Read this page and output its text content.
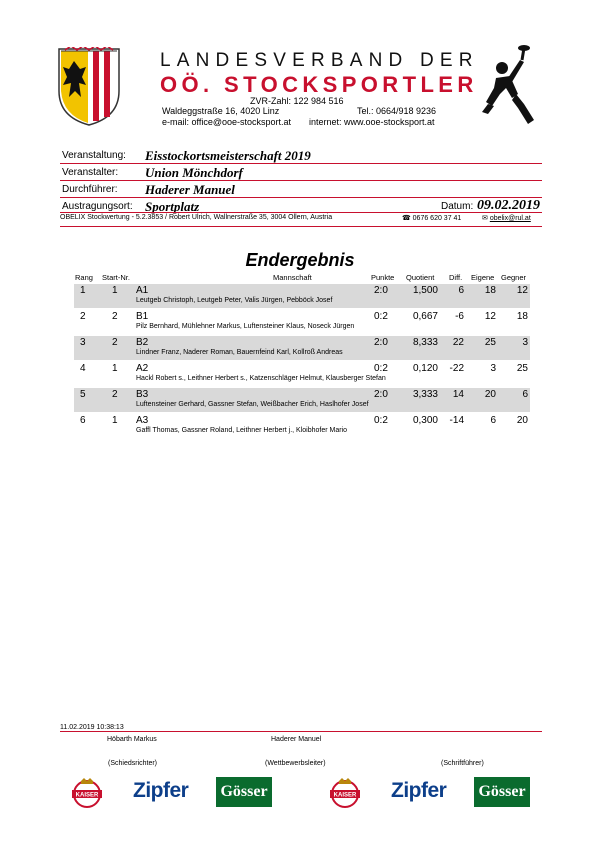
LANDESVERBAND DER
OÖ. STOCKSPORTLER
ZVR-Zahl: 122 984 516
Waldeggstraße 16, 4020 Linz	Tel.: 0664/918 9236
e-mail: office@ooe-stocksport.at internet: www.ooe-stocksport.at
Veranstaltung: Eisstockortsmeisterschaft 2019
Veranstalter: Union Mönchdorf
Durchführer: Haderer Manuel
Austragungsort: Sportplatz	Datum: 09.02.2019
OBELIX Stockwertung - 5.2.3853 / Robert Ulrich, Wallnerstraße 35, 3004 Ollern, Austria	☎ 0676 620 37 41	✉ obelix@rul.at
Endergebnis
Rang Start-Nr.	Mannschaft	Punkte Quotient Diff. Eigene Gegner
1	1 A1	2:0	1,500	6	18	12
Leutgeb Christoph, Leutgeb Peter, Valis Jürgen, Pebböck Josef
2	2 B1	0:2	0,667	-6	12	18
Pilz Bernhard, Mühlehner Markus, Luftensteiner Klaus, Noseck Jürgen
3	2 B2	2:0	8,333	22	25	3
Lindner Franz, Naderer Roman, Bauernfeind Karl, Kollroß Andreas
4	1 A2	0:2	0,120 -22	3	25
Hackl Robert s., Leithner Herbert s., Katzenschläger Helmut, Klausberger Stefan
5	2 B3	2:0	3,333	14	20	6
Luftensteiner Gerhard, Gassner Stefan, Weißbacher Erich, Haslhofer Josef
6	1 A3	0:2	0,300 -14	6	20
Gaffl Thomas, Gassner Roland, Leithner Herbert j., Kloibhofer Mario
11.02.2019 10:38:13
Höbarth Markus	Haderer Manuel
(Schiedsrichter)	(Wettbewerbsleiter)	(Schriftführer)
KAISER Zipfer Gösser	KAISER Zipfer Gösser
